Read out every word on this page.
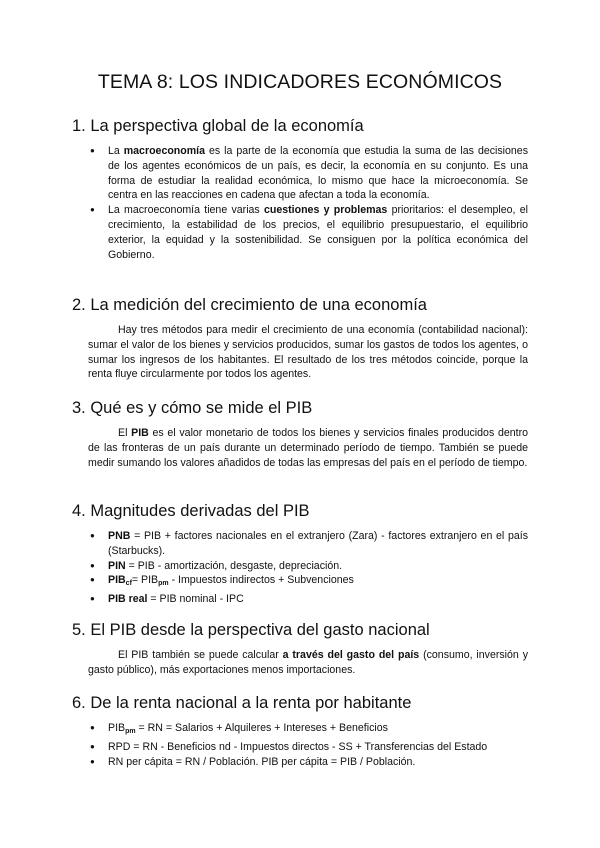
TEMA 8: LOS INDICADORES ECONÓMICOS
1. La perspectiva global de la economía
● La macroeconomía es la parte de la economía que estudia la suma de las decisiones de los agentes económicos de un país, es decir, la economía en su conjunto. Es una forma de estudiar la realidad económica, lo mismo que hace la microeconomía. Se centra en las reacciones en cadena que afectan a toda la economía.
● La macroeconomía tiene varias cuestiones y problemas prioritarios: el desempleo, el crecimiento, la estabilidad de los precios, el equilibrio presupuestario, el equilibrio exterior, la equidad y la sostenibilidad. Se consiguen por la política económica del Gobierno.
2. La medición del crecimiento de una economía

Hay tres métodos para medir el crecimiento de una economía (contabilidad nacional): sumar el valor de los bienes y servicios producidos, sumar los gastos de todos los agentes, o sumar los ingresos de los habitantes. El resultado de los tres métodos coincide, porque la renta fluye circularmente por todos los agentes.

3. Qué es y cómo se mide el PIB

El PIB es el valor monetario de todos los bienes y servicios finales producidos dentro de las fronteras de un país durante un determinado período de tiempo. También se puede medir sumando los valores añadidos de todas las empresas del país en el período de tiempo.

4. Magnitudes derivadas del PIB
● PNB = PIB + factores nacionales en el extranjero (Zara) - factores extranjero en el país (Starbucks).
● PIN = PIB - amortización, desgaste, depreciación.
● $PIB_{cf}= PIB_{pm}$ - Impuestos indirectos + Subvenciones
● PIB real = PIB nominal - IPC
5. El PIB desde la perspectiva del gasto nacional

El PIB también se puede calcular a través del gasto del país (consumo, inversión y gasto público), más exportaciones menos importaciones.

6. De la renta nacional a la renta por habitante
● $PIB_{pm}$ = RN = Salarios + Alquileres + Intereses + Beneficios
● RPD = RN - Beneficios nd - Impuestos directos - SS + Transferencias del Estado
● RN per cápita = RN / Población. PIB per cápita = PIB / Población.
